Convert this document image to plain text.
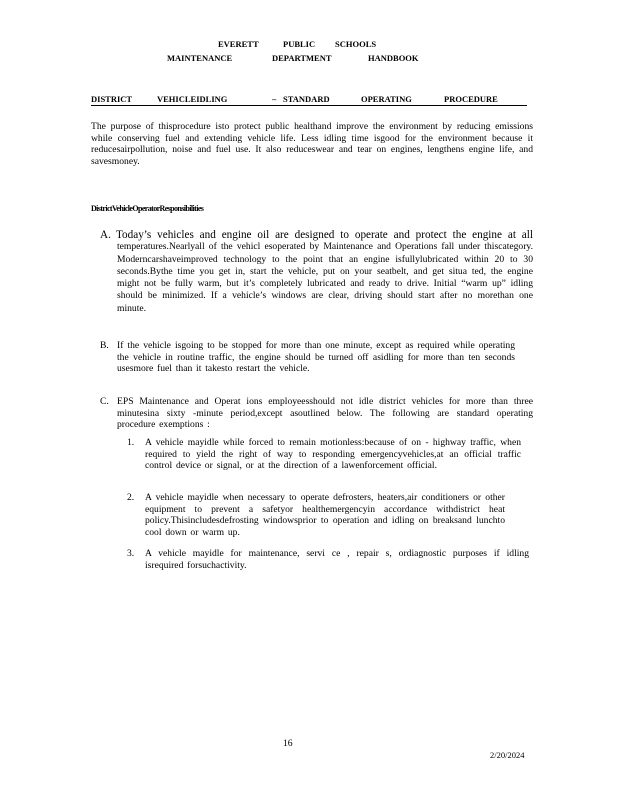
EVERETT	PUBLIC SCHOOLS
MAINTENANCE	DEPARTMENT	HANDBOOK
DISTRICT	VEHICLEIDLING	– STANDARD	OPERATING	PROCEDURE

The purpose of thisprocedure isto protect public healthand improve the environment by reducing emissions while conserving fuel and extending vehicle life. Less idling time isgood for the environment because it reducesairpollution, noise and fuel use. It also reduceswear and tear on engines, lengthens engine life, and savesmoney.

DistrictVehicleOperatorResponsibilities
A. Today’s vehicles and engine oil are designed to operate and protect the engine at all temperatures.Nearlyall of the vehicl esoperated by Maintenance and Operations fall under thiscategory. Moderncarshaveimproved technology to the point that an engine isfullylubricated within 20 to 30 seconds.Bythe time you get in, start the vehicle, put on your seatbelt, and get situa ted, the engine might not be fully warm, but it’s completely lubricated and ready to drive. Initial “warm up” idling should be minimized. If a vehicle’s windows are clear, driving should start after no morethan one minute.

B. If the vehicle isgoing to be stopped for more than one minute, except as required while operating the vehicle in routine traffic, the engine should be turned off asidling for more than ten seconds usesmore fuel than it takesto restart the vehicle.

C. EPS Maintenance and Operat ions employeesshould not idle district vehicles for more than three minutesina sixty -minute period,except asoutlined below. The following are standard operating procedure exemptions :

1. A vehicle mayidle while forced to remain motionless:because of on - highway traffic, when required to yield the right of way to responding emergencyvehicles,at an official traffic control device or signal, or at the direction of a lawenforcement official.

2. A vehicle mayidle when necessary to operate defrosters, heaters,air conditioners or other equipment to prevent a safetyor healthemergencyin accordance withdistrict heat policy.Thisincludesdefrosting windowsprior to operation and idling on breaksand lunchto cool down or warm up.

3. A vehicle mayidle for maintenance, servi ce , repair s, ordiagnostic purposes if idling isrequired forsuchactivity.

16
2/20/2024
